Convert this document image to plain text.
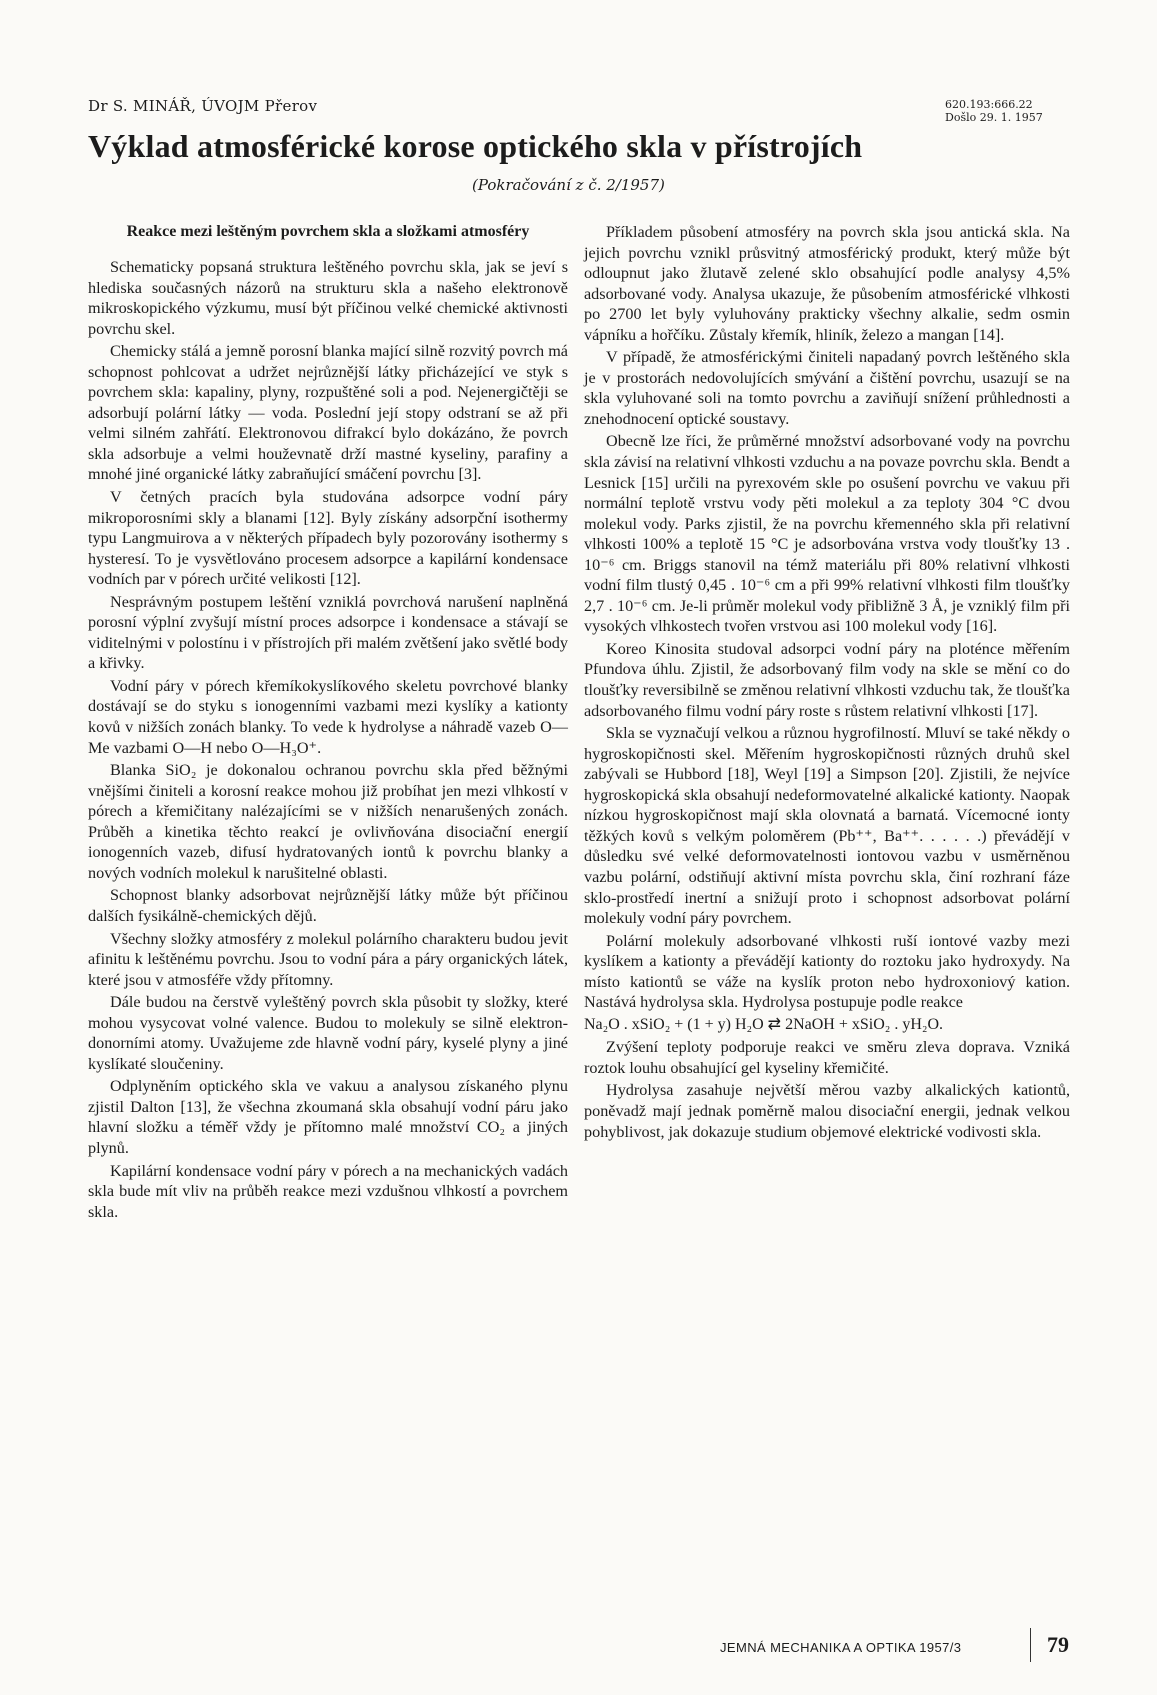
Dr S. MINÁŘ, ÚVOJM Přerov	620.193:666.22
Došlo 29. 1. 1957
Výklad atmosférické korose optického skla v přístrojích
(Pokračování z č. 2/1957)
Reakce mezi leštěným povrchem skla a složkami atmosféry

Schematicky popsaná struktura leštěného povrchu skla, jak se jeví s hlediska současných názorů na strukturu skla a našeho elektronově mikroskopického výzkumu, musí být příčinou velké chemické aktivnosti povrchu skel.

Chemicky stálá a jemně porosní blanka mající silně rozvitý povrch má schopnost pohlcovat a udržet nejrůznější látky přicházející ve styk s povrchem skla: kapaliny, plyny, rozpuštěné soli a pod. Nejenergičtěji se adsorbují polární látky — voda. Poslední její stopy odstraní se až při velmi silném zahřátí. Elektronovou difrakcí bylo dokázáno, že povrch skla adsorbuje a velmi houževnatě drží mastné kyseliny, parafiny a mnohé jiné organické látky zabraňující smáčení povrchu [3].

V četných pracích byla studována adsorpce vodní páry mikroporosními skly a blanami [12]. Byly získány adsorpční isothermy typu Langmuirova a v některých případech byly pozorovány isothermy s hysteresí. To je vysvětlováno procesem adsorpce a kapilární kondensace vodních par v pórech určité velikosti [12].

Nesprávným postupem leštění vzniklá povrchová narušení naplněná porosní výplní zvyšují místní proces adsorpce i kondensace a stávají se viditelnými v polostínu i v přístrojích při malém zvětšení jako světlé body a křivky.

Vodní páry v pórech křemíkokyslíkového skeletu povrchové blanky dostávají se do styku s ionogenními vazbami mezi kyslíky a kationty kovů v nižších zonách blanky. To vede k hydrolyse a náhradě vazeb O—Me vazbami O—H nebo O—H₃O⁺.

Blanka SiO₂ je dokonalou ochranou povrchu skla před běžnými vnějšími činiteli a korosní reakce mohou již probíhat jen mezi vlhkostí v pórech a křemičitany nalézajícími se v nižších nenarušených zonách. Průběh a kinetika těchto reakcí je ovlivňována disociační energií ionogenních vazeb, difusí hydratovaných iontů k povrchu blanky a nových vodních molekul k narušitelné oblasti.

Schopnost blanky adsorbovat nejrůznější látky může být příčinou dalších fysikálně-chemických dějů.

Všechny složky atmosféry z molekul polárního charakteru budou jevit afinitu k leštěnému povrchu. Jsou to vodní pára a páry organických látek, které jsou v atmosféře vždy přítomny.

Dále budou na čerstvě vyleštěný povrch skla působit ty složky, které mohou vysycovat volné valence. Budou to molekuly se silně elektron-donorními atomy. Uvažujeme zde hlavně vodní páry, kyselé plyny a jiné kyslíkaté sloučeniny.

Odplyněním optického skla ve vakuu a analysou získaného plynu zjistil Dalton [13], že všechna zkoumaná skla obsahují vodní páru jako hlavní složku a téměř vždy je přítomno malé množství CO₂ a jiných plynů.

Kapilární kondensace vodní páry v pórech a na mechanických vadách skla bude mít vliv na průběh reakce mezi vzdušnou vlhkostí a povrchem skla.

Příkladem působení atmosféry na povrch skla jsou antická skla. Na jejich povrchu vznikl průsvitný atmosférický produkt, který může být odloupnut jako žlutavě zelené sklo obsahující podle analysy 4,5% adsorbované vody. Analysa ukazuje, že působením atmosférické vlhkosti po 2700 let byly vyluhovány prakticky všechny alkalie, sedm osmin vápníku a hořčíku. Zůstaly křemík, hliník, železo a mangan [14].

V případě, že atmosférickými činiteli napadaný povrch leštěného skla je v prostorách nedovolujících smývání a čištění povrchu, usazují se na skla vyluhované soli na tomto povrchu a zaviňují snížení průhlednosti a znehodnocení optické soustavy.

Obecně lze říci, že průměrné množství adsorbované vody na povrchu skla závisí na relativní vlhkosti vzduchu a na povaze povrchu skla. Bendt a Lesnick [15] určili na pyrexovém skle po osušení povrchu ve vakuu při normální teplotě vrstvu vody pěti molekul a za teploty 304 °C dvou molekul vody. Parks zjistil, že na povrchu křemenného skla při relativní vlhkosti 100% a teplotě 15 °C je adsorbována vrstva vody tloušťky 13 . 10⁻⁶ cm. Briggs stanovil na témž materiálu při 80% relativní vlhkosti vodní film tlustý 0,45 . 10⁻⁶ cm a při 99% relativní vlhkosti film tloušťky 2,7 . 10⁻⁶ cm. Je-li průměr molekul vody přibližně 3 Å, je vzniklý film při vysokých vlhkostech tvořen vrstvou asi 100 molekul vody [16].

Koreo Kinosita studoval adsorpci vodní páry na ploténce měřením Pfundova úhlu. Zjistil, že adsorbovaný film vody na skle se mění co do tloušťky reversibilně se změnou relativní vlhkosti vzduchu tak, že tloušťka adsorbovaného filmu vodní páry roste s růstem relativní vlhkosti [17].

Skla se vyznačují velkou a různou hygrofilností. Mluví se také někdy o hygroskopičnosti skel. Měřením hygroskopičnosti různých druhů skel zabývali se Hubbord [18], Weyl [19] a Simpson [20]. Zjistili, že nejvíce hygroskopická skla obsahují nedeformovatelné alkalické kationty. Naopak nízkou hygroskopičnost mají skla olovnatá a barnatá. Vícemocné ionty těžkých kovů s velkým poloměrem (Pb⁺⁺, Ba⁺⁺. . . . . .) převádějí v důsledku své velké deformovatelnosti iontovou vazbu v usměrněnou vazbu polární, odstiňují aktivní místa povrchu skla, činí rozhraní fáze sklo-prostředí inertní a snižují proto i schopnost adsorbovat polární molekuly vodní páry povrchem.

Polární molekuly adsorbované vlhkosti ruší iontové vazby mezi kyslíkem a kationty a převádějí kationty do roztoku jako hydroxydy. Na místo kationtů se váže na kyslík proton nebo hydroxoniový kation. Nastává hydrolysa skla. Hydrolysa postupuje podle reakce

Na₂O . xSiO₂ + (1 + y) H₂O ⇄ 2NaOH + xSiO₂ . yH₂O.

Zvýšení teploty podporuje reakci ve směru zleva doprava. Vzniká roztok louhu obsahující gel kyseliny křemičité.

Hydrolysa zasahuje největší měrou vazby alkalických kationtů, poněvadž mají jednak poměrně malou disociační energii, jednak velkou pohyblivost, jak dokazuje studium objemové elektrické vodivosti skla.

JEMNÁ MECHANIKA A OPTIKA 1957/3	79
